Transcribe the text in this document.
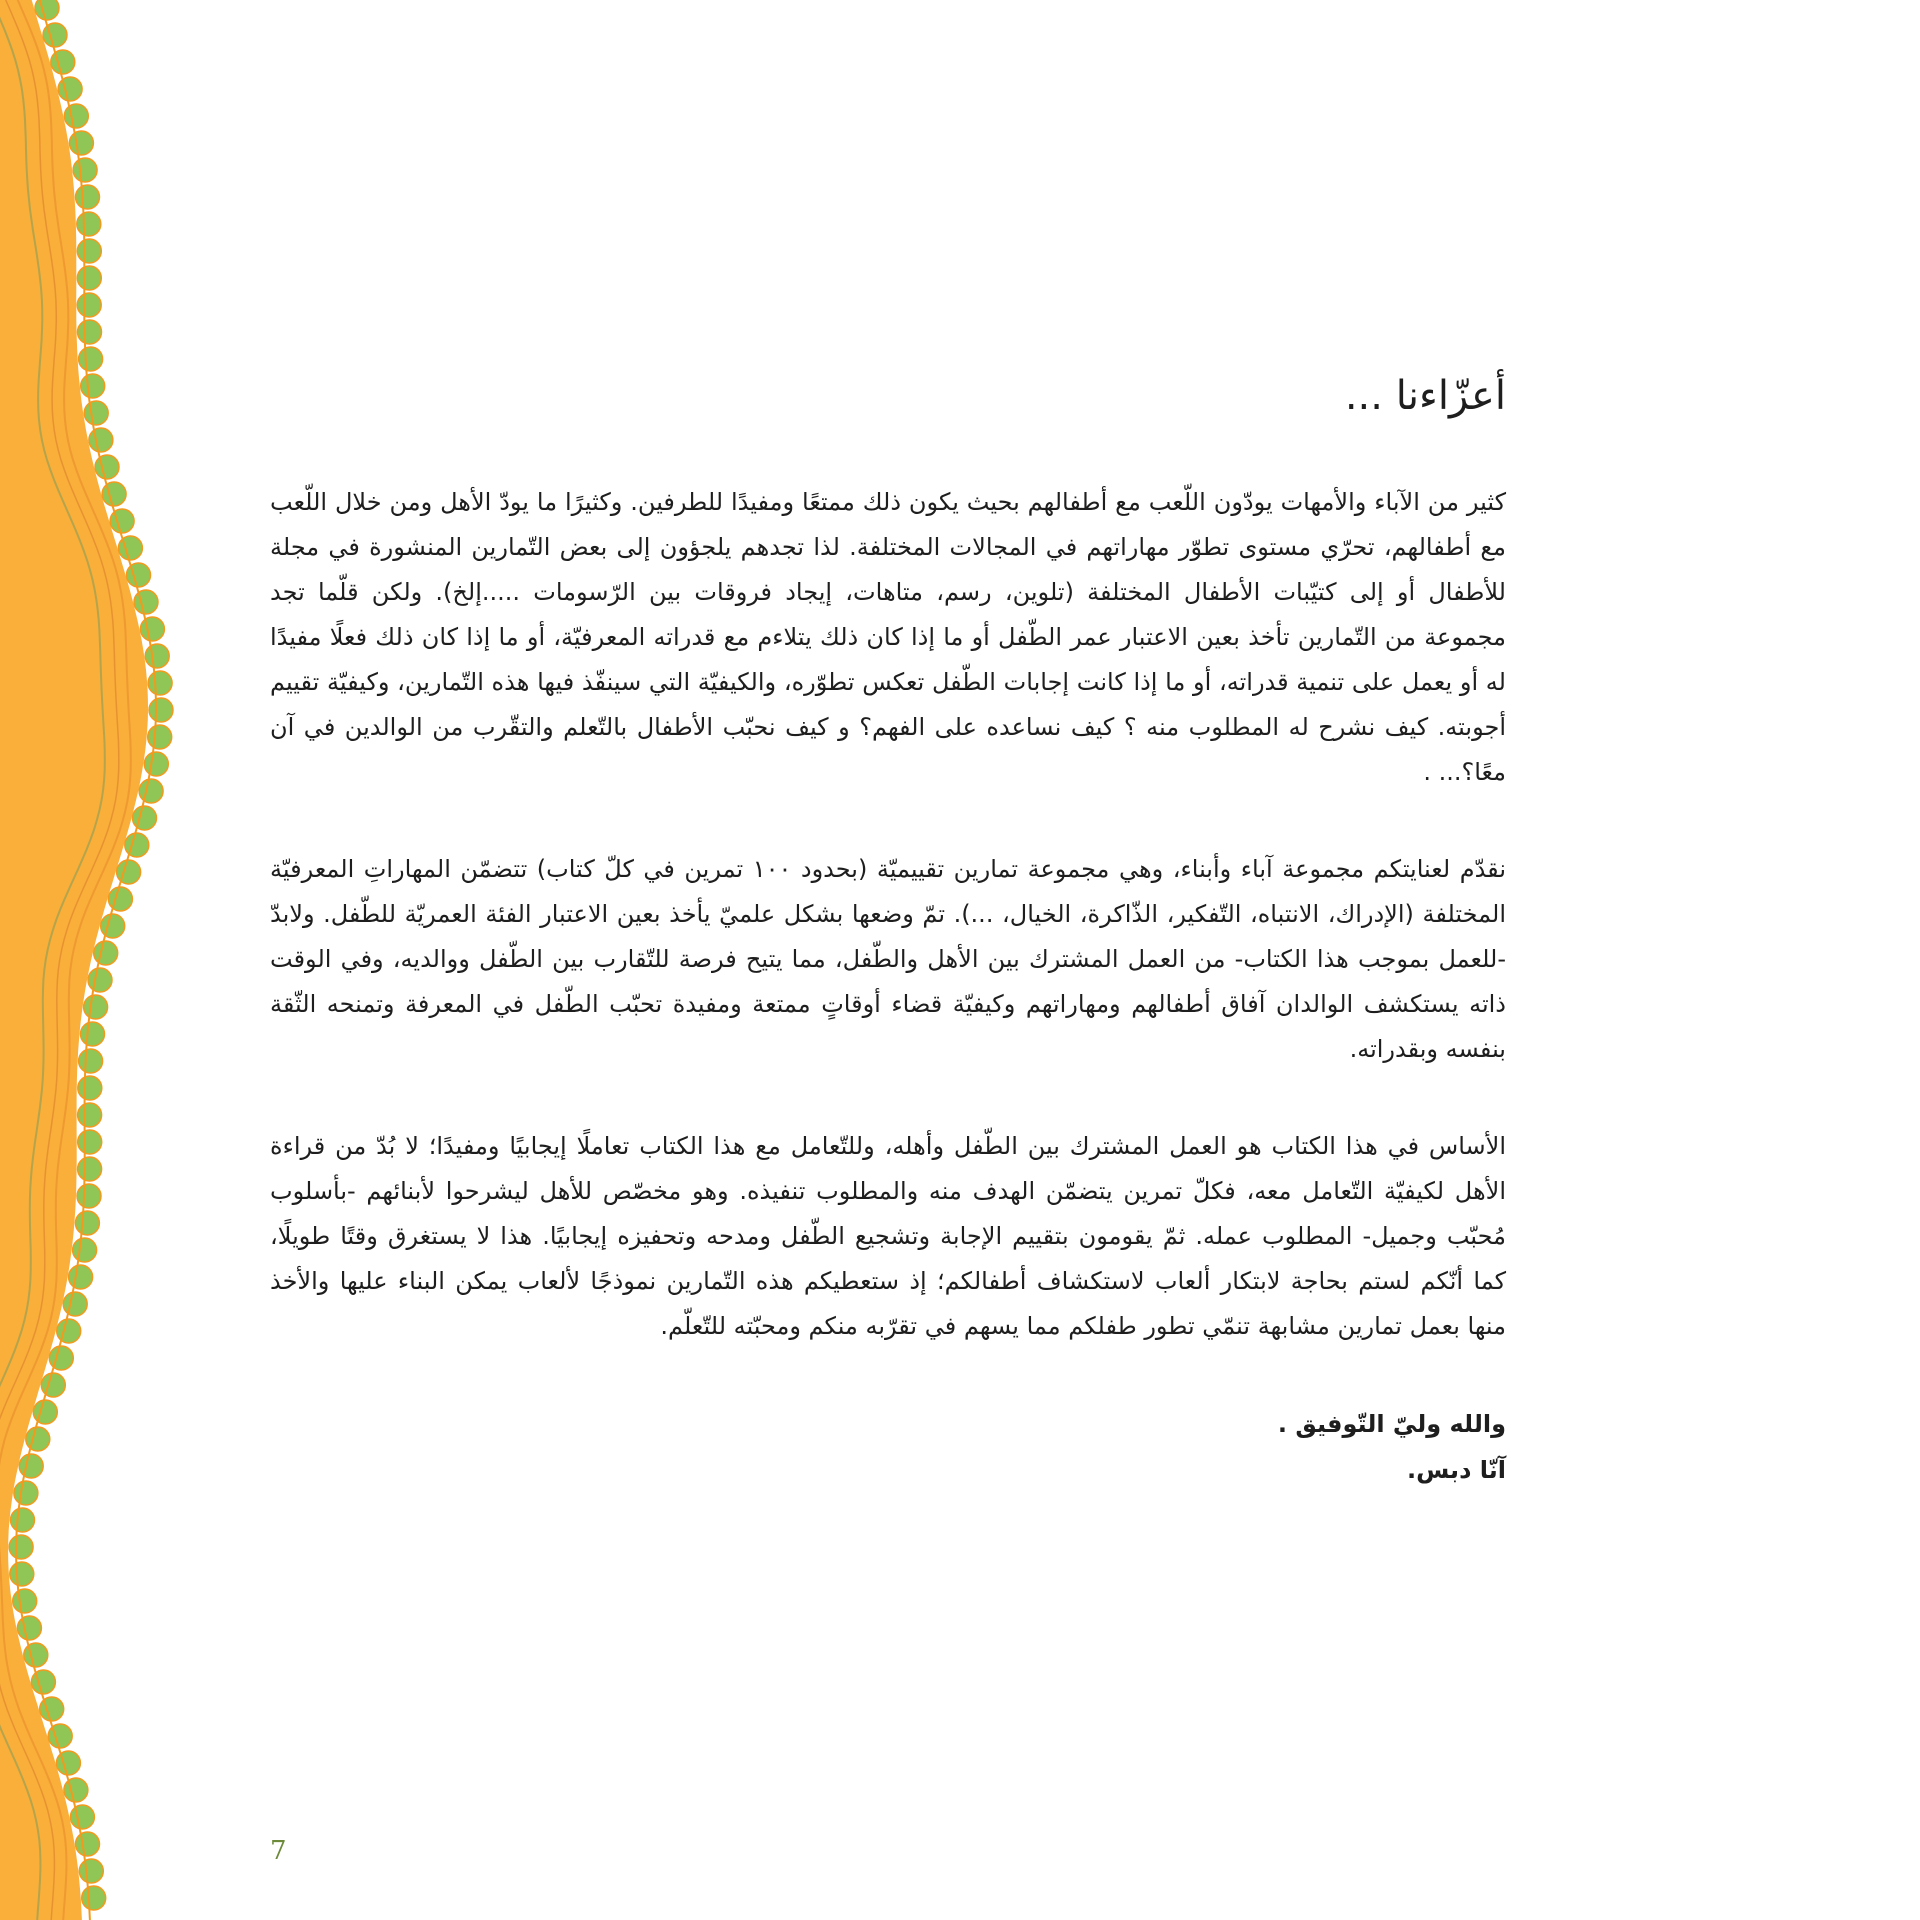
أعزّاءنا ...

كثير من الآباء والأمهات يودّون اللّعب مع أطفالهم بحيث يكون ذلك ممتعًا ومفيدًا للطرفين. وكثيرًا ما يودّ الأهل ومن خلال اللّعب مع أطفالهم، تحرّي مستوى تطوّر مهاراتهم في المجالات المختلفة. لذا تجدهم يلجؤون إلى بعض التّمارين المنشورة في مجلة للأطفال أو إلى كتيّبات الأطفال المختلفة (تلوين، رسم، متاهات، إيجاد فروقات بين الرّسومات .....إلخ). ولكن قلّما تجد مجموعة من التّمارين تأخذ بعين الاعتبار عمر الطّفل أو ما إذا كان ذلك يتلاءم مع قدراته المعرفيّة، أو ما إذا كان ذلك فعلًا مفيدًا له أو يعمل على تنمية قدراته، أو ما إذا كانت إجابات الطّفل تعكس تطوّره، والكيفيّة التي سينفّذ فيها هذه التّمارين، وكيفيّة تقييم أجوبته. كيف نشرح له المطلوب منه ؟ كيف نساعده على الفهم؟ و كيف نحبّب الأطفال بالتّعلم والتقّرب من الوالدين في آن معًا؟... .

نقدّم لعنايتكم مجموعة آباء وأبناء، وهي مجموعة تمارين تقييميّة (بحدود ١٠٠ تمرين في كلّ كتاب) تتضمّن المهاراتِ المعرفيّة المختلفة (الإدراك، الانتباه، التّفكير، الذّاكرة، الخيال، ...). تمّ وضعها بشكل علميّ يأخذ بعين الاعتبار الفئة العمريّة للطّفل. ولابدّ -للعمل بموجب هذا الكتاب- من العمل المشترك بين الأهل والطّفل، مما يتيح فرصة للتّقارب بين الطّفل ووالديه، وفي الوقت ذاته يستكشف الوالدان آفاق أطفالهم ومهاراتهم وكيفيّة قضاء أوقاتٍ ممتعة ومفيدة تحبّب الطّفل في المعرفة وتمنحه الثّقة بنفسه وبقدراته.

الأساس في هذا الكتاب هو العمل المشترك بين الطّفل وأهله، وللتّعامل مع هذا الكتاب تعاملًا إيجابيًا ومفيدًا؛ لا بُدّ من قراءة الأهل لكيفيّة التّعامل معه، فكلّ تمرين يتضمّن الهدف منه والمطلوب تنفيذه. وهو مخصّص للأهل ليشرحوا لأبنائهم -بأسلوب مُحبّب وجميل- المطلوب عمله. ثمّ يقومون بتقييم الإجابة وتشجيع الطّفل ومدحه وتحفيزه إيجابيًا. هذا لا يستغرق وقتًا طويلًا، كما أنّكم لستم بحاجة لابتكار ألعاب لاستكشاف أطفالكم؛ إذ ستعطيكم هذه التّمارين نموذجًا لألعاب يمكن البناء عليها والأخذ منها بعمل تمارين مشابهة تنمّي تطور طفلكم مما يسهم في تقرّبه منكم ومحبّته للتّعلّم.

والله وليّ التّوفيق .
آنّا دبس.
7
